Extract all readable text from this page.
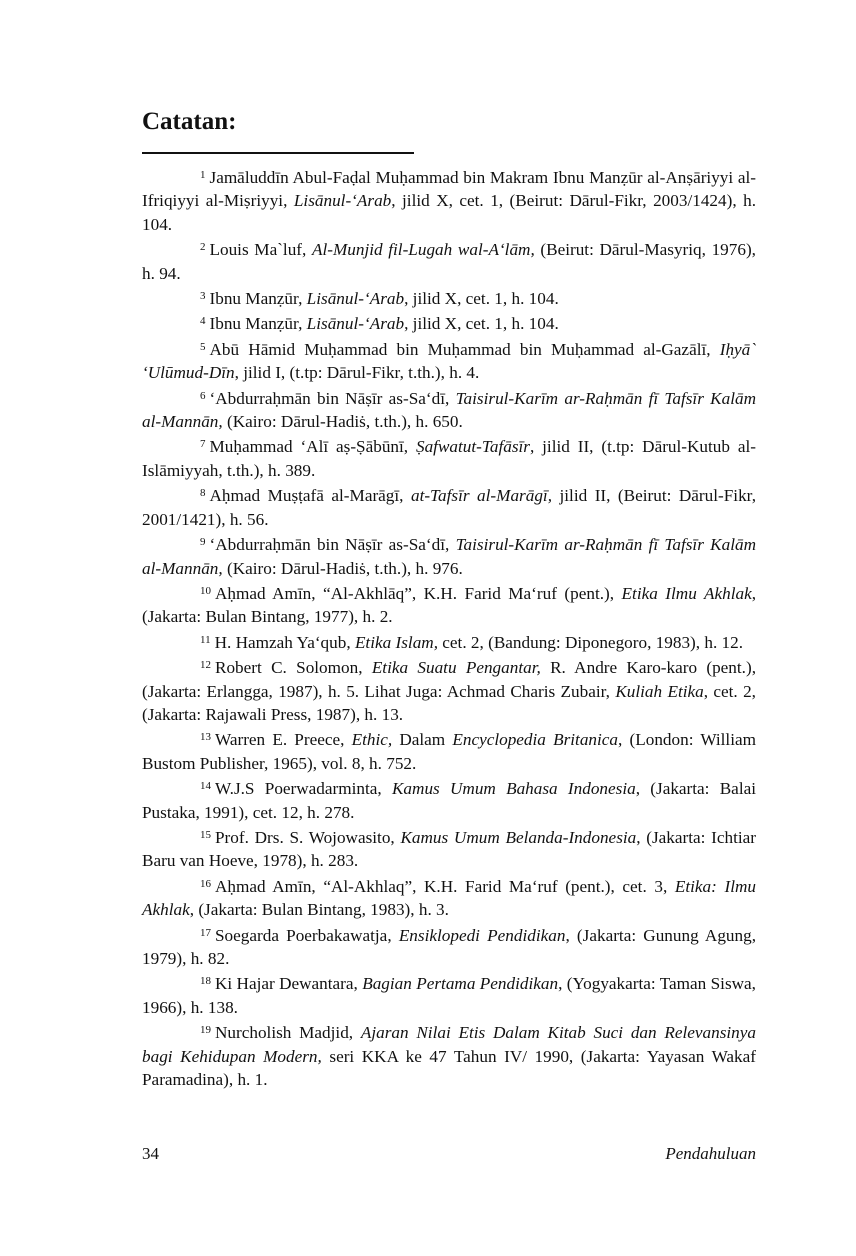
Catatan:

$^1$ Jamāluddīn Abul-Faḍal Muḥammad bin Makram Ibnu Manẓūr al-Anṣāriyyi al-Ifriqiyyi al-Miṣriyyi, Lisānul-‘Arab, jilid X, cet. 1, (Beirut: Dārul-Fikr, 2003/1424), h. 104.

$^2$ Louis Ma`luf, Al-Munjid fil-Lugah wal-A‘lām, (Beirut: Dārul-Masyriq, 1976), h. 94.

$^3$ Ibnu Manẓūr, Lisānul-‘Arab, jilid X, cet. 1, h. 104.

$^4$ Ibnu Manẓūr, Lisānul-‘Arab, jilid X, cet. 1, h. 104.

$^5$ Abū Hāmid Muḥammad bin Muḥammad bin Muḥammad al-Gazālī, Iḥyā` ‘Ulūmud-Dīn, jilid I, (t.tp: Dārul-Fikr, t.th.), h. 4.

$^6$ ‘Abdurraḥmān bin Nāṣīr as-Sa‘dī, Taisirul-Karīm ar-Raḥmān fī Tafsīr Kalām al-Mannān, (Kairo: Dārul-Hadiṡ, t.th.), h. 650.

$^7$ Muḥammad ‘Alī aṣ-Ṣābūnī, Ṣafwatut-Tafāsīr, jilid II, (t.tp: Dārul-Kutub al-Islāmiyyah, t.th.), h. 389.

$^8$ Aḥmad Muṣṭafā al-Marāgī, at-Tafsīr al-Marāgī, jilid II, (Beirut: Dārul-Fikr, 2001/1421), h. 56.

$^9$ ‘Abdurraḥmān bin Nāṣīr as-Sa‘dī, Taisirul-Karīm ar-Raḥmān fī Tafsīr Kalām al-Mannān, (Kairo: Dārul-Hadiṡ, t.th.), h. 976.

$^{10}$ Aḥmad Amīn, “Al-Akhlāq”, K.H. Farid Ma‘ruf (pent.), Etika Ilmu Akhlak, (Jakarta: Bulan Bintang, 1977), h. 2.

$^{11}$ H. Hamzah Ya‘qub, Etika Islam, cet. 2, (Bandung: Diponegoro, 1983), h. 12.

$^{12}$ Robert C. Solomon, Etika Suatu Pengantar, R. Andre Karo-karo (pent.), (Jakarta: Erlangga, 1987), h. 5. Lihat Juga: Achmad Charis Zubair, Kuliah Etika, cet. 2, (Jakarta: Rajawali Press, 1987), h. 13.

$^{13}$ Warren E. Preece, Ethic, Dalam Encyclopedia Britanica, (London: William Bustom Publisher, 1965), vol. 8, h. 752.

$^{14}$ W.J.S Poerwadarminta, Kamus Umum Bahasa Indonesia, (Jakarta: Balai Pustaka, 1991), cet. 12, h. 278.

$^{15}$ Prof. Drs. S. Wojowasito, Kamus Umum Belanda-Indonesia, (Jakarta: Ichtiar Baru van Hoeve, 1978), h. 283.

$^{16}$ Aḥmad Amīn, “Al-Akhlaq”, K.H. Farid Ma‘ruf (pent.), cet. 3, Etika: Ilmu Akhlak, (Jakarta: Bulan Bintang, 1983), h. 3.

$^{17}$ Soegarda Poerbakawatja, Ensiklopedi Pendidikan, (Jakarta: Gunung Agung, 1979), h. 82.

$^{18}$ Ki Hajar Dewantara, Bagian Pertama Pendidikan, (Yogyakarta: Taman Siswa, 1966), h. 138.

$^{19}$ Nurcholish Madjid, Ajaran Nilai Etis Dalam Kitab Suci dan Relevansinya bagi Kehidupan Modern, seri KKA ke 47 Tahun IV/ 1990, (Jakarta: Yayasan Wakaf Paramadina), h. 1.

34	Pendahuluan
